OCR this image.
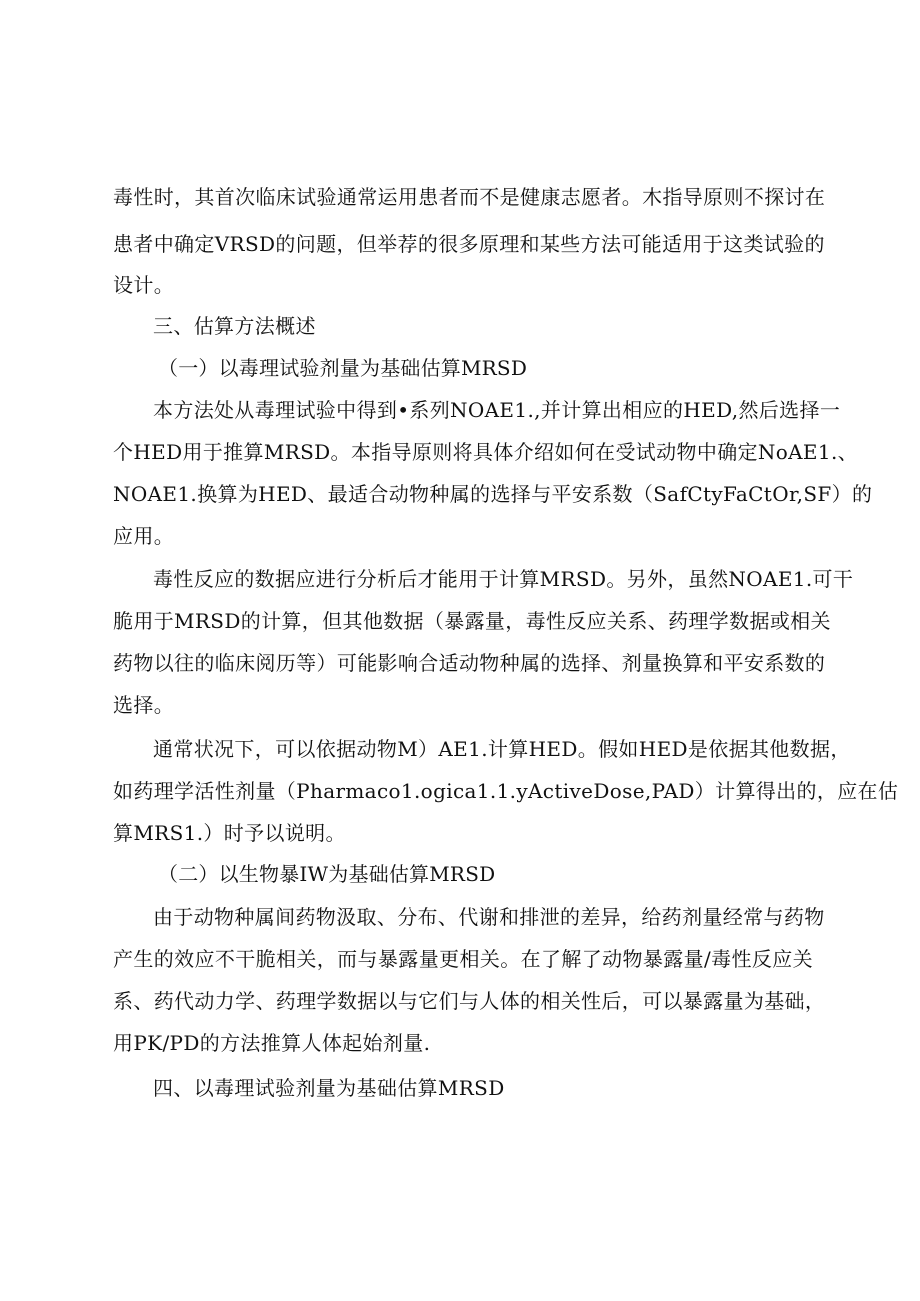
毒性时，其首次临床试验通常运用患者而不是健康志愿者。木指导原则不探讨在
患者中确定VRSD的问题，但举荐的很多原理和某些方法可能适用于这类试验的
设计。
三、估算方法概述
（一）以毒理试验剂量为基础估算MRSD
本方法处从毒理试验中得到•系列NOAE1.,并计算出相应的HED,然后选择一
个HED用于推算MRSD。本指导原则将具体介绍如何在受试动物中确定NoAE1.、
NOAE1.换算为HED、最适合动物种属的选择与平安系数（SafCtyFaCtOr,SF）的
应用。
毒性反应的数据应进行分析后才能用于计算MRSD。另外，虽然NOAE1.可干
脆用于MRSD的计算，但其他数据（暴露量，毒性反应关系、药理学数据或相关
药物以往的临床阅历等）可能影响合适动物种属的选择、剂量换算和平安系数的
选择。
通常状况下，可以依据动物M）AE1.计算HED。假如HED是依据其他数据，
如药理学活性剂量（Pharmaco1.ogica1.1.yActiveDose,PAD）计算得出的，应在估
算MRS1.）时予以说明。
（二）以生物暴IW为基础估算MRSD
由于动物种属间药物汲取、分布、代谢和排泄的差异，给药剂量经常与药物
产生的效应不干脆相关，而与暴露量更相关。在了解了动物暴露量/毒性反应关
系、药代动力学、药理学数据以与它们与人体的相关性后，可以暴露量为基础，
用PK/PD的方法推算人体起始剂量.
四、以毒理试验剂量为基础估算MRSD
